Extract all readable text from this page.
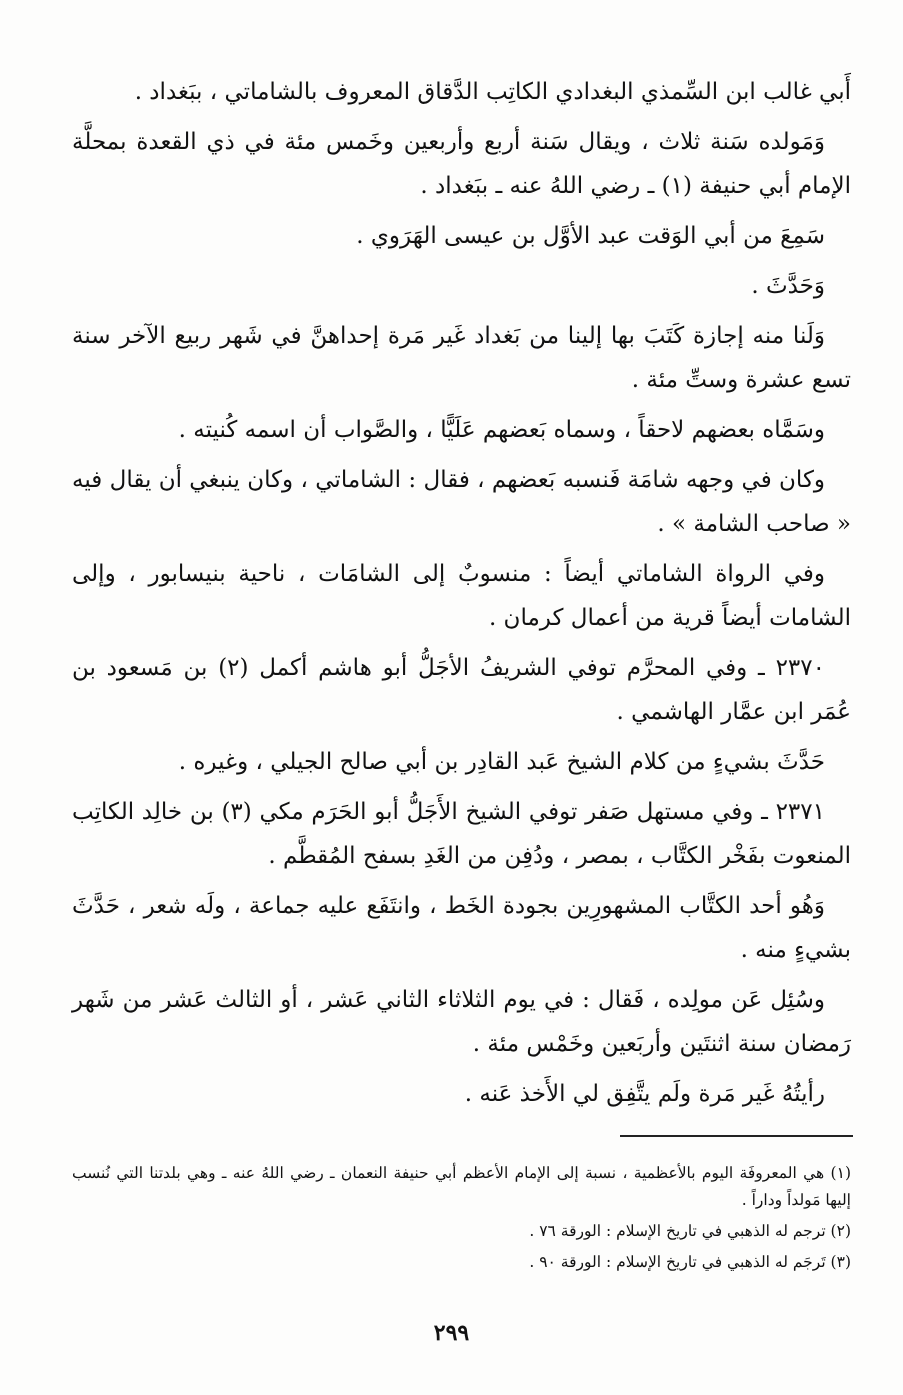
أَبي غالب ابن السِّمذي البغدادي الكاتِب الدَّقاق المعروف بالشاماتي ، ببَغداد .

وَمَولده سَنة ثلاث ، ويقال سَنة أربع وأربعين وخَمس مئة في ذي القعدة بمحلَّة الإمام أبي حنيفة (١) ـ رضي اللهُ عنه ـ ببَغداد .

سَمِعَ من أبي الوَقت عبد الأوَّل بن عيسى الهَرَوي .

وَحَدَّثَ .

وَلَنا منه إجازة كَتَبَ بها إلينا من بَغداد غَير مَرة إحداهنَّ في شَهر ربيع الآخر سنة تسع عشرة وستِّ مئة .

وسَمَّاه بعضهم لاحقاً ، وسماه بَعضهم عَلَيًّا ، والصَّواب أن اسمه كُنيته .

وكان في وجهه شامَة فَنسبه بَعضهم ، فقال : الشاماتي ، وكان ينبغي أن يقال فيه « صاحب الشامة » .

وفي الرواة الشاماتي أيضاً : منسوبٌ إلى الشامَات ، ناحية بنيسابور ، وإلى الشامات أيضاً قرية من أعمال كرمان .

٢٣٧٠ ـ وفي المحرَّم توفي الشريفُ الأجَلُّ أبو هاشم أكمل (٢) بن مَسعود بن عُمَر ابن عمَّار الهاشمي .

حَدَّثَ بشيءٍ من كلام الشيخ عَبد القادِر بن أبي صالح الجيلي ، وغيره .

٢٣٧١ ـ وفي مستهل صَفر توفي الشيخ الأَجَلُّ أبو الحَرَم مكي (٣) بن خالِد الكاتِب المنعوت بفَخْر الكتَّاب ، بمصر ، ودُفِن من الغَدِ بسفح المُقطَّم .

وَهُو أحد الكتَّاب المشهورِين بجودة الخَط ، وانتَفَع عليه جماعة ، ولَه شعر ، حَدَّثَ بشيءٍ منه .

وسُئِل عَن مولِده ، فَقال : في يوم الثلاثاء الثاني عَشر ، أو الثالث عَشر من شَهر رَمضان سنة اثنتَين وأربَعين وخَمْس مئة .

رأيتُهُ غَير مَرة ولَم يتَّفِق لي الأَخذ عَنه .

(١) هي المعروفَة اليوم بالأعظمية ، نسبة إلى الإمام الأعظم أبي حنيفة النعمان ـ رضي اللهُ عنه ـ وهي بلدتنا التي نُنسب إليها مَولداً وداراً .

(٢) ترجم له الذهبي في تاريخ الإسلام : الورقة ٧٦ .

(٣) تَرجَم له الذهبي في تاريخ الإسلام : الورقة ٩٠ .

٢٩٩
